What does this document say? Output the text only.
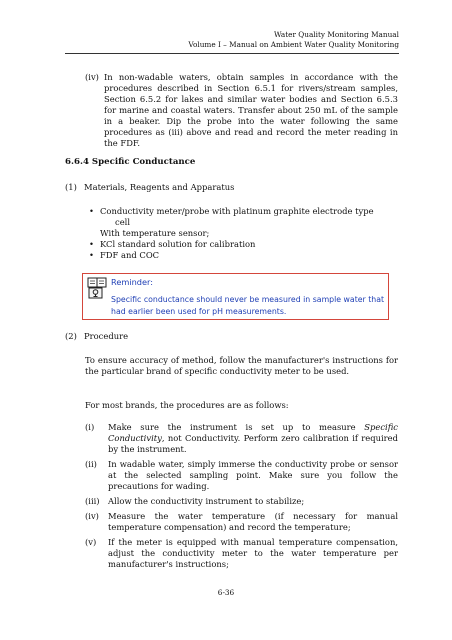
Water Quality Monitoring Manual
Volume I – Manual on Ambient Water Quality Monitoring
(iv) In non-wadable waters, obtain samples in accordance with the procedures described in Section 6.5.1 for rivers/stream samples, Section 6.5.2 for lakes and similar water bodies and Section 6.5.3 for marine and coastal waters. Transfer about 250 mL of the sample in a beaker. Dip the probe into the water following the same procedures as (iii) above and read and record the meter reading in the FDF.
6.6.4 Specific Conductance
(1) Materials, Reagents and Apparatus
• Conductivity meter/probe with platinum graphite electrode type
cell
With temperature sensor;
• KCl standard solution for calibration
• FDF and COC
Reminder:
Specific conductance should never be measured in sample water that had earlier been used for pH measurements.
(2) Procedure
To ensure accuracy of method, follow the manufacturer's instructions for the particular brand of specific conductivity meter to be used.
For most brands, the procedures are as follows:
(i) Make sure the instrument is set up to measure Specific Conductivity, not Conductivity. Perform zero calibration if required by the instrument.
(ii) In wadable water, simply immerse the conductivity probe or sensor at the selected sampling point. Make sure you follow the precautions for wading.
(iii) Allow the conductivity instrument to stabilize;
(iv) Measure the water temperature (if necessary for manual temperature compensation) and record the temperature;
(v) If the meter is equipped with manual temperature compensation, adjust the conductivity meter to the water temperature per manufacturer's instructions;
6-36
